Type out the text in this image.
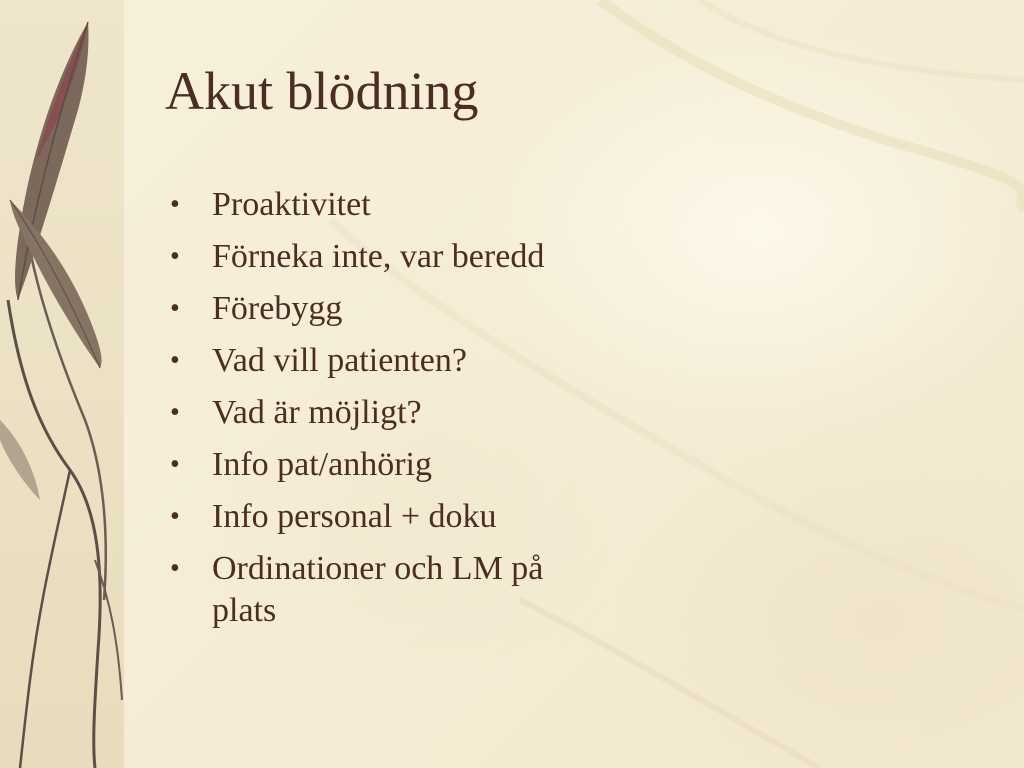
Akut blödning
• Proaktivitet
• Förneka inte, var beredd
• Förebygg
• Vad vill patienten?
• Vad är möjligt?
• Info pat/anhörig
• Info personal + doku
• Ordinationer och LM på plats
